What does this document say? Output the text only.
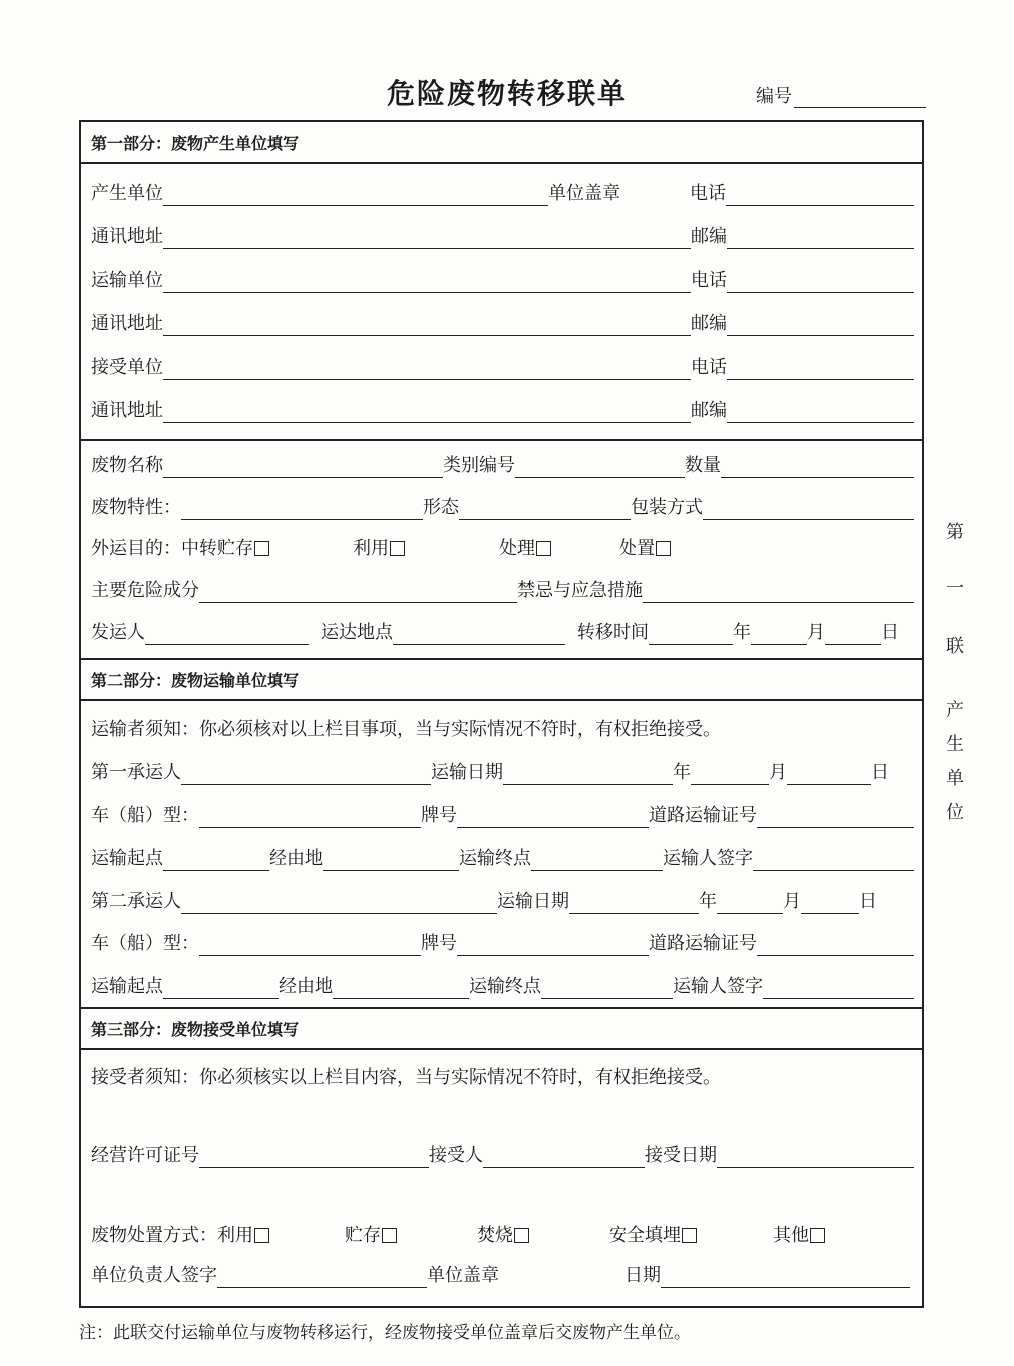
危险废物转移联单	编号
第一部分：废物产生单位填写
产生单位	单位盖章	电话
通讯地址	邮编
运输单位	电话
通讯地址	邮编
接受单位	电话
通讯地址	邮编
废物名称	类别编号	数量
废物特性：	形态	包装方式
外运目的：中转贮存	利用	处理	处置
主要危险成分	禁忌与应急措施
发运人	运达地点	转移时间	年	月	日
第二部分：废物运输单位填写
运输者须知：你必须核对以上栏目事项，当与实际情况不符时，有权拒绝接受。
第一承运人	运输日期	年	月	日
车（船）型：	牌号	道路运输证号
运输起点	经由地	运输终点	运输人签字
第二承运人	运输日期	年	月	日
车（船）型：	牌号	道路运输证号
运输起点	经由地	运输终点	运输人签字
第三部分：废物接受单位填写
接受者须知：你必须核实以上栏目内容，当与实际情况不符时，有权拒绝接受。
经营许可证号	接受人	接受日期
废物处置方式：利用	贮存	焚烧	安全填埋	其他
单位负责人签字	单位盖章	日期
第
一
联
产
生
单
位
注：此联交付运输单位与废物转移运行，经废物接受单位盖章后交废物产生单位。
